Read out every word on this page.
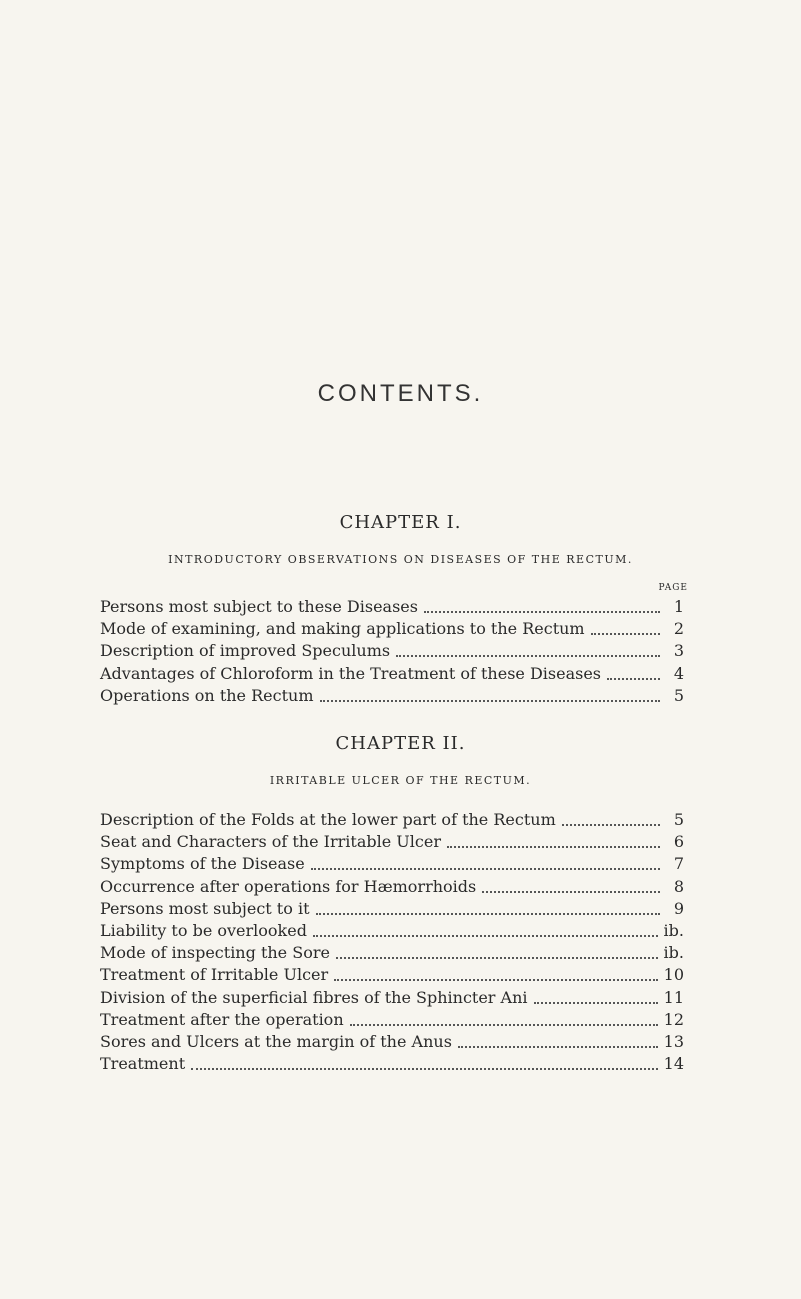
CONTENTS.
CHAPTER I.
INTRODUCTORY OBSERVATIONS ON DISEASES OF THE RECTUM.
PAGE
Persons most subject to these Diseases	1
Mode of examining, and making applications to the Rectum	2
Description of improved Speculums	3
Advantages of Chloroform in the Treatment of these Diseases	4
Operations on the Rectum	5
CHAPTER II.
IRRITABLE ULCER OF THE RECTUM.
Description of the Folds at the lower part of the Rectum	5
Seat and Characters of the Irritable Ulcer	6
Symptoms of the Disease	7
Occurrence after operations for Hæmorrhoids	8
Persons most subject to it	9
Liability to be overlooked	ib.
Mode of inspecting the Sore	ib.
Treatment of Irritable Ulcer	10
Division of the superficial fibres of the Sphincter Ani	11
Treatment after the operation	12
Sores and Ulcers at the margin of the Anus	13
Treatment	14
